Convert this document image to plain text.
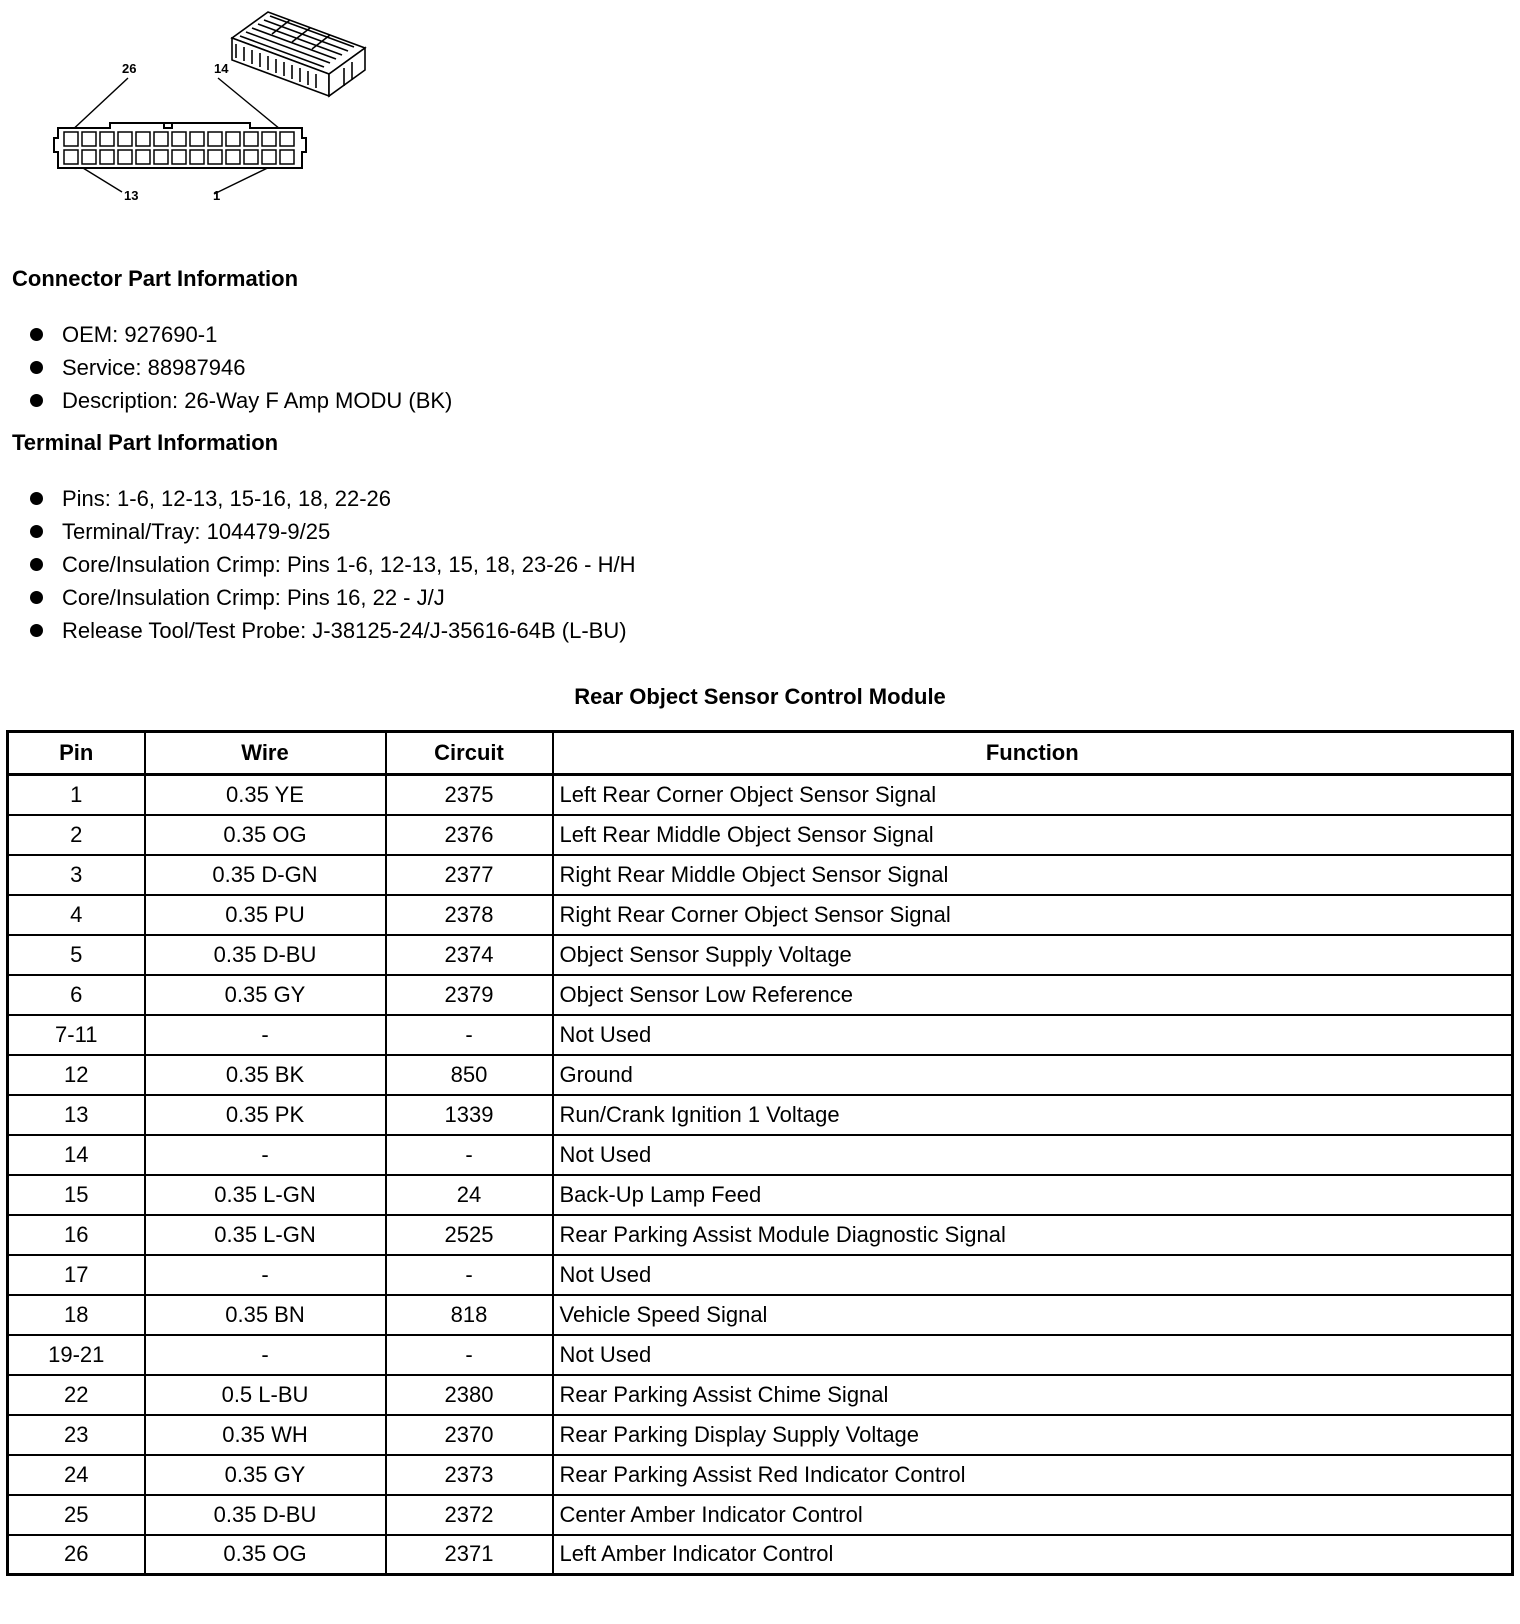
26	14
13	1
Connector Part Information
OEM: 927690-1
Service: 88987946
Description: 26-Way F Amp MODU (BK)
Terminal Part Information
Pins: 1-6, 12-13, 15-16, 18, 22-26
Terminal/Tray: 104479-9/25
Core/Insulation Crimp: Pins 1-6, 12-13, 15, 18, 23-26 - H/H
Core/Insulation Crimp: Pins 16, 22 - J/J
Release Tool/Test Probe: J-38125-24/J-35616-64B (L-BU)
Rear Object Sensor Control Module
Pin	Wire	Circuit	Function
1	0.35 YE	2375	Left Rear Corner Object Sensor Signal
2	0.35 OG	2376	Left Rear Middle Object Sensor Signal
3	0.35 D-GN	2377	Right Rear Middle Object Sensor Signal
4	0.35 PU	2378	Right Rear Corner Object Sensor Signal
5	0.35 D-BU	2374	Object Sensor Supply Voltage
6	0.35 GY	2379	Object Sensor Low Reference
7-11	-	-	Not Used
12	0.35 BK	850	Ground
13	0.35 PK	1339	Run/Crank Ignition 1 Voltage
14	-	-	Not Used
15	0.35 L-GN	24	Back-Up Lamp Feed
16	0.35 L-GN	2525	Rear Parking Assist Module Diagnostic Signal
17	-	-	Not Used
18	0.35 BN	818	Vehicle Speed Signal
19-21	-	-	Not Used
22	0.5 L-BU	2380	Rear Parking Assist Chime Signal
23	0.35 WH	2370	Rear Parking Display Supply Voltage
24	0.35 GY	2373	Rear Parking Assist Red Indicator Control
25	0.35 D-BU	2372	Center Amber Indicator Control
26	0.35 OG	2371	Left Amber Indicator Control
